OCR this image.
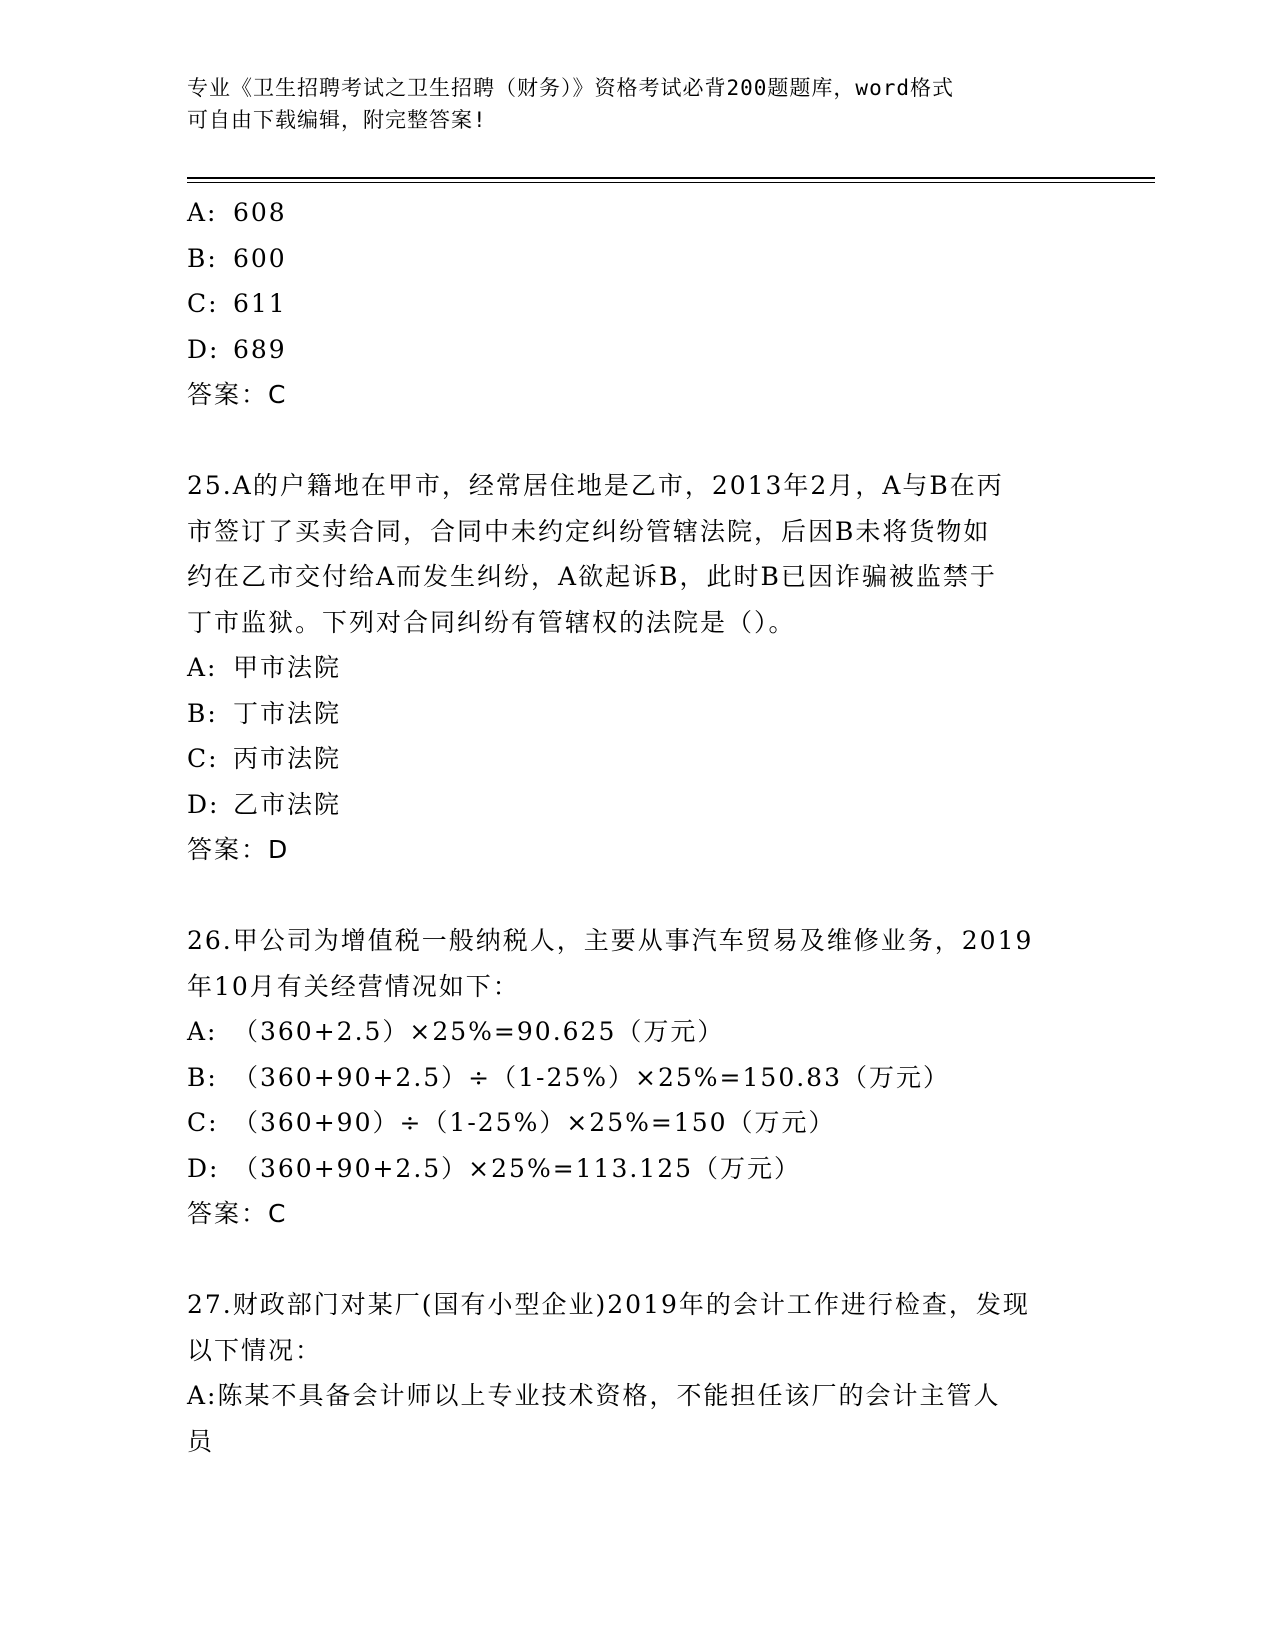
专业《卫生招聘考试之卫生招聘（财务）》资格考试必背200题题库，word格式
可自由下载编辑，附完整答案!
A: 608
B: 600
C: 611
D: 689
答案：C
25.A的户籍地在甲市，经常居住地是乙市，2013年2月，A与B在丙
市签订了买卖合同，合同中未约定纠纷管辖法院，后因B未将货物如
约在乙市交付给A而发生纠纷，A欲起诉B，此时B已因诈骗被监禁于
丁市监狱。下列对合同纠纷有管辖权的法院是（）。
A: 甲市法院
B: 丁市法院
C: 丙市法院
D: 乙市法院
答案：D
26.甲公司为增值税一般纳税人，主要从事汽车贸易及维修业务，2019
年10月有关经营情况如下：
A: （360+2.5）×25%=90.625（万元）
B: （360+90+2.5）÷（1-25%）×25%=150.83（万元）
C: （360+90）÷（1-25%）×25%=150（万元）
D: （360+90+2.5）×25%=113.125（万元）
答案：C
27.财政部门对某厂(国有小型企业)2019年的会计工作进行检查，发现
以下情况：
A:陈某不具备会计师以上专业技术资格，不能担任该厂的会计主管人
员
